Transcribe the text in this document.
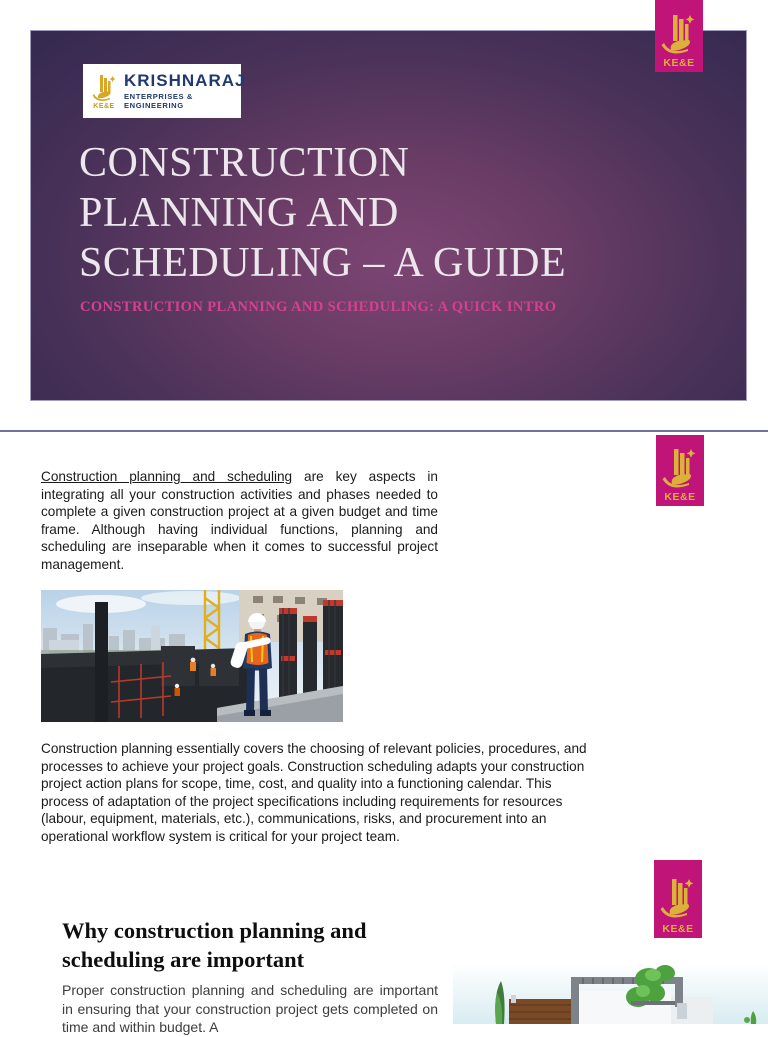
KE&E
KRISHNARAJ
ENTERPRISES & ENGINEERING
CONSTRUCTION
PLANNING AND
SCHEDULING – A GUIDE
CONSTRUCTION PLANNING AND SCHEDULING: A QUICK INTRO
KE&E
KE&E

Construction planning and scheduling are key aspects in integrating all your construction activities and phases needed to complete a given construction project at a given budget and time frame. Although having individual functions, planning and scheduling are inseparable when it comes to successful project management.

Construction planning essentially covers the choosing of relevant policies, procedures, and processes to achieve your project goals. Construction scheduling adapts your construction project action plans for scope, time, cost, and quality into a functioning calendar. This process of adaptation of the project specifications including requirements for resources (labour, equipment, materials, etc.), communications, risks, and procurement into an operational workflow system is critical for your project team.

KE&E
Why construction planning and scheduling are important

Proper construction planning and scheduling are important in ensuring that your construction project gets completed on time and within budget. A
